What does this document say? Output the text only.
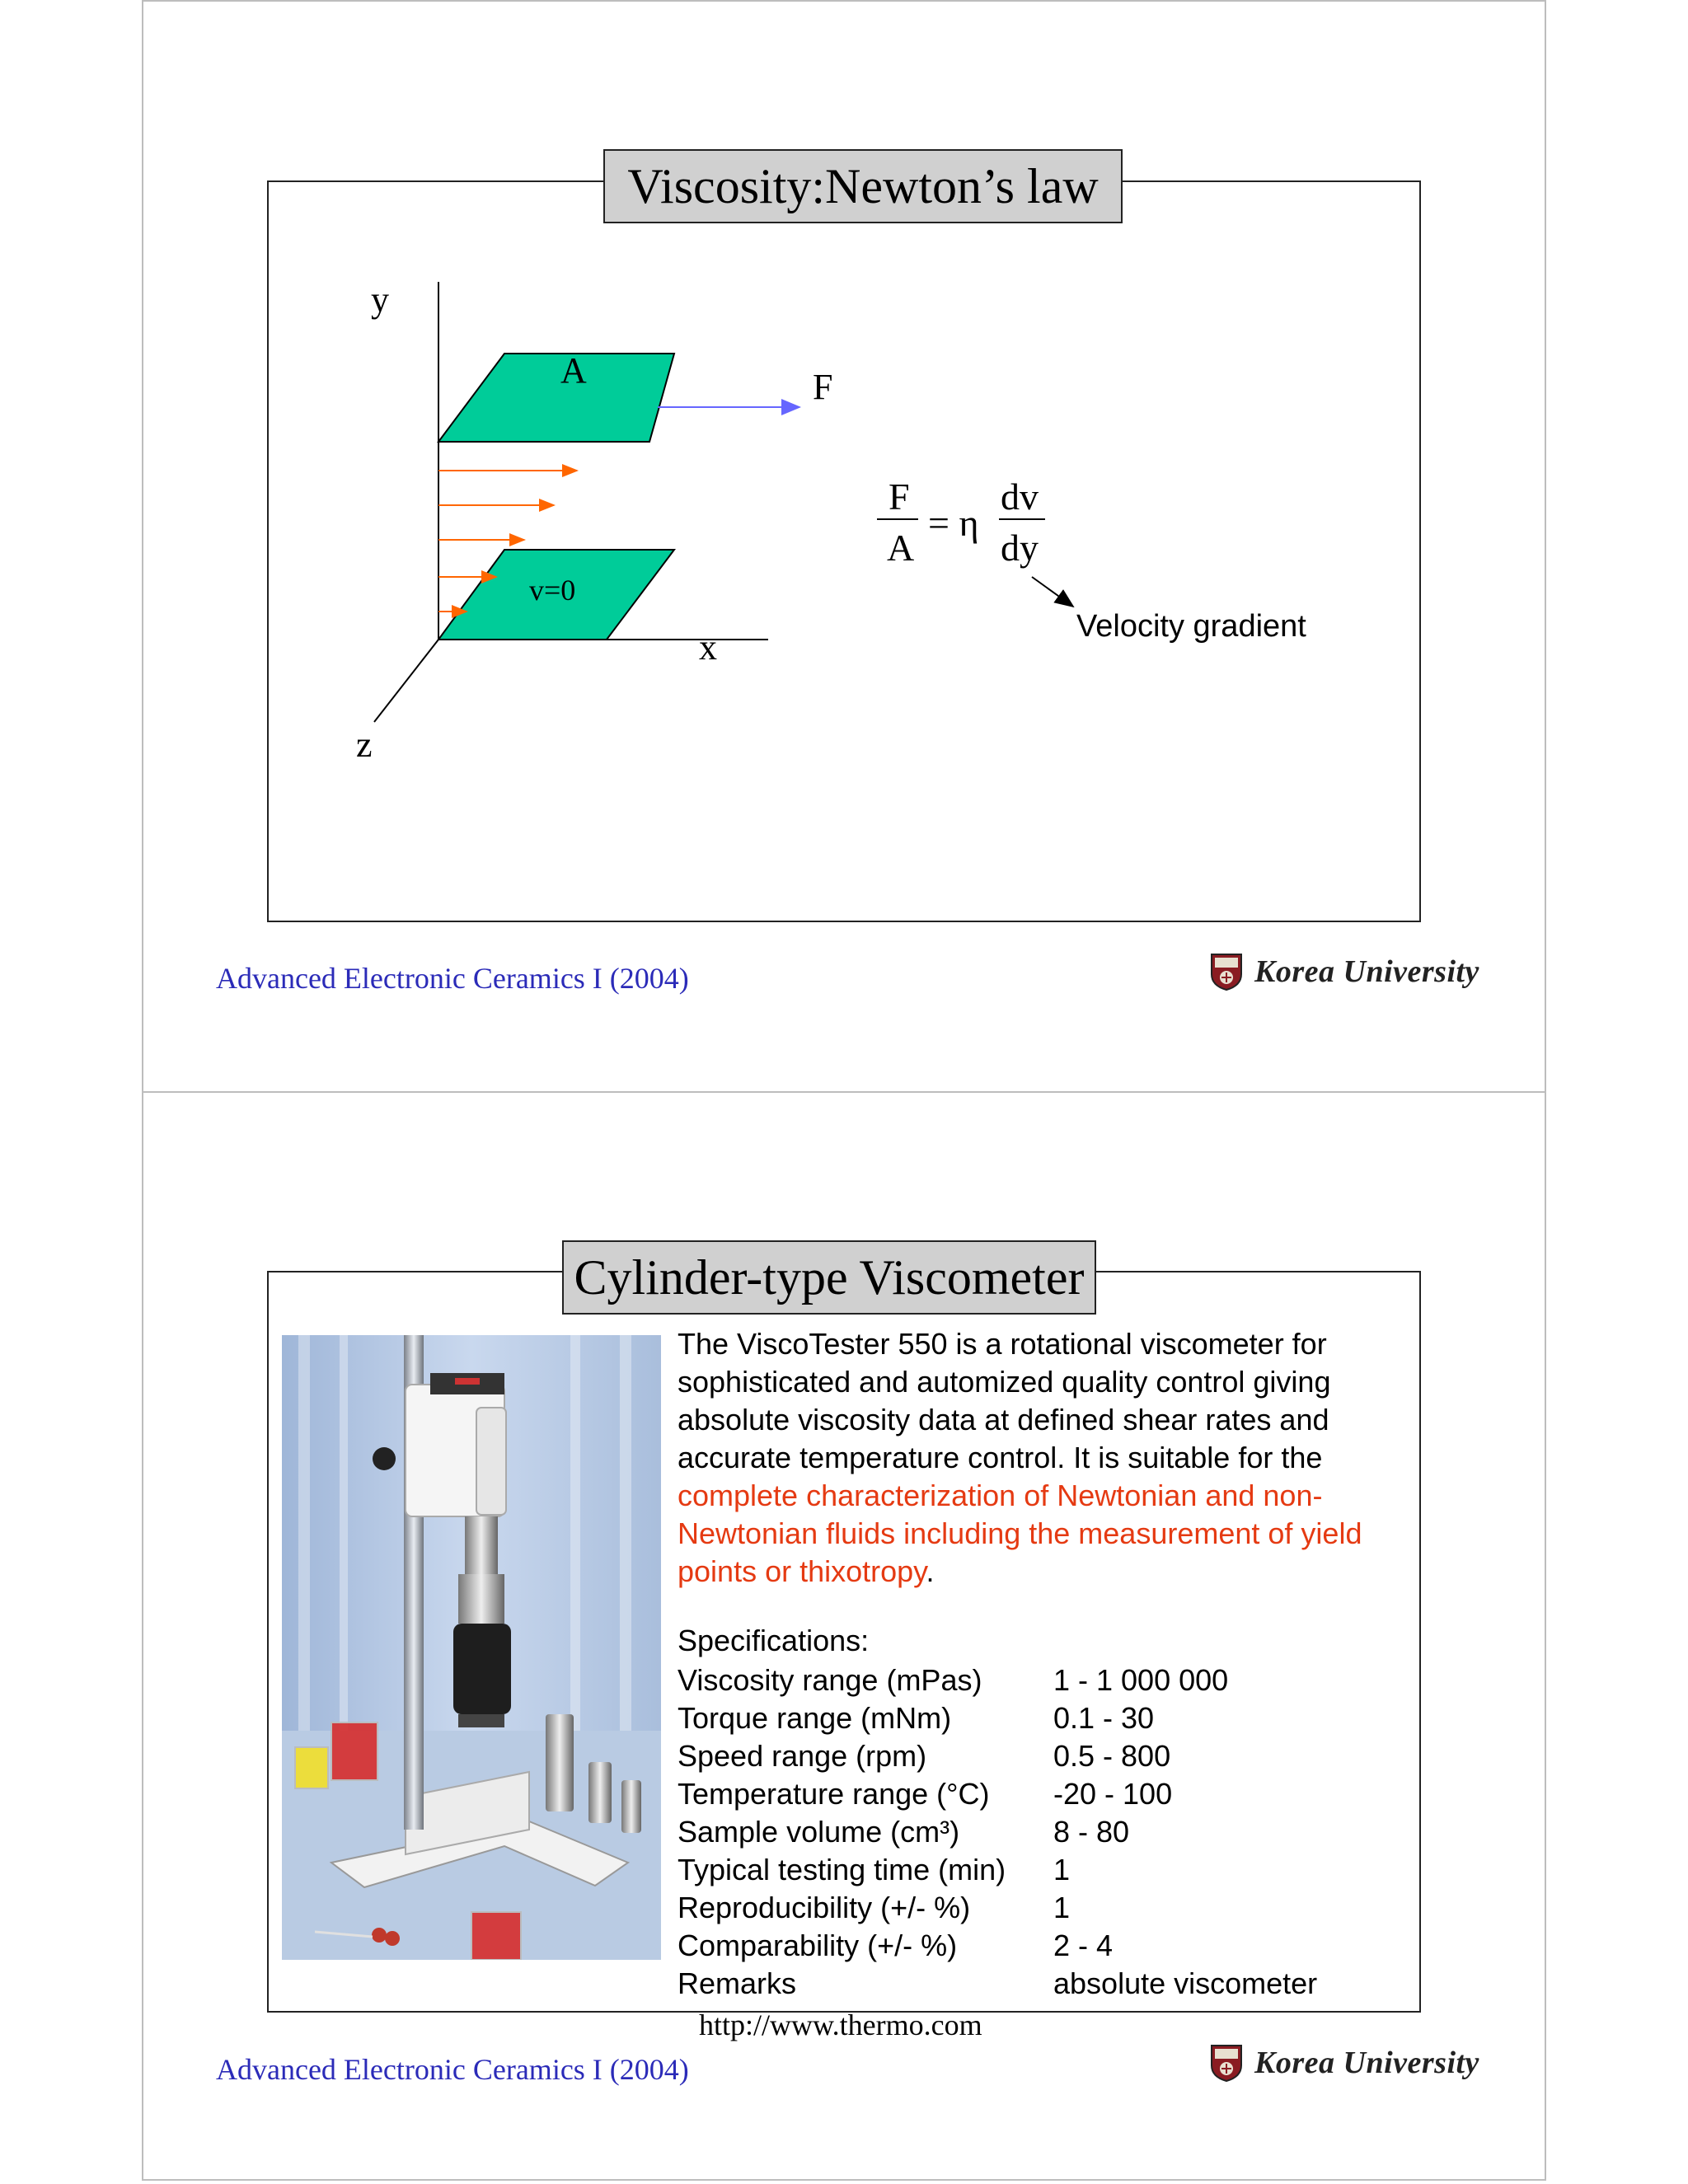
Viscosity:Newton’s law
y
x
z
A
v=0
F
F
A
= η
dv
dy
Velocity gradient
Advanced Electronic Ceramics I (2004)	Korea University
Cylinder-type Viscometer
The ViscoTester 550 is a rotational viscometer for sophisticated and automized quality control giving absolute viscosity data at defined shear rates and accurate temperature control. It is suitable for the complete characterization of Newtonian and non-Newtonian fluids including the measurement of yield points or thixotropy.
Specifications:
Viscosity range (mPas)	1 - 1 000 000
Torque range (mNm)	0.1 - 30
Speed range (rpm)	0.5 - 800
Temperature range (°C)	-20 - 100
Sample volume (cm³)	8 - 80
Typical testing time (min)	1
Reproducibility (+/- %)	1
Comparability (+/- %)	2 - 4
Remarks	absolute viscometer
http://www.thermo.com
Advanced Electronic Ceramics I (2004)	Korea University
